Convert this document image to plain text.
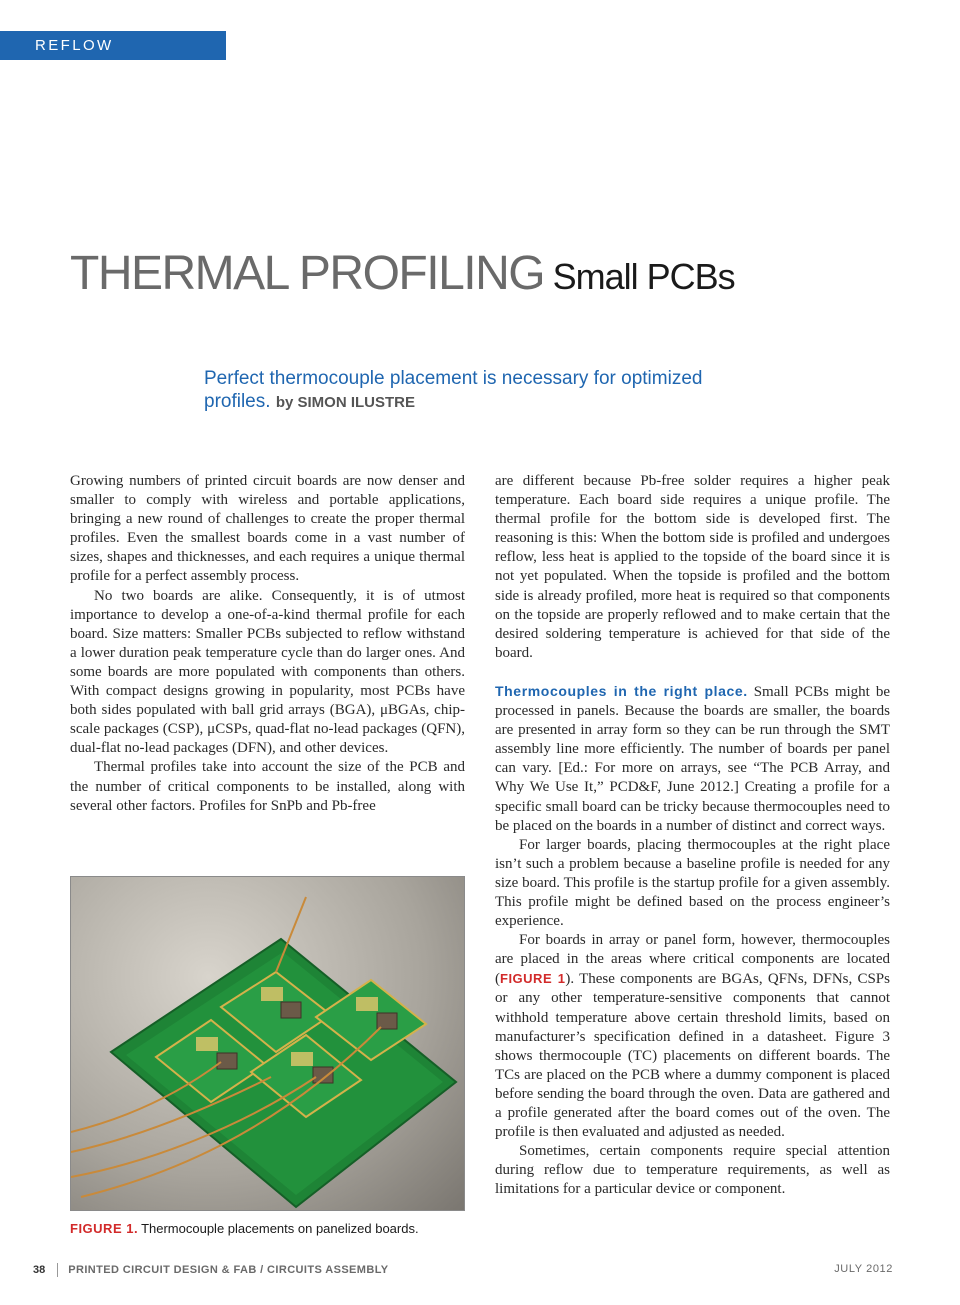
REFLOW SOLDERING
THERMAL PROFILING Small PCBs
Perfect thermocouple placement is necessary for optimized profiles. by SIMON ILUSTRE

Growing numbers of printed circuit boards are now denser and smaller to comply with wireless and portable applications, bringing a new round of challenges to create the proper thermal profiles. Even the smallest boards come in a vast number of sizes, shapes and thicknesses, and each requires a unique thermal profile for a perfect assembly process.

No two boards are alike. Consequently, it is of utmost importance to develop a one-of-a-kind thermal profile for each board. Size matters: Smaller PCBs subjected to reflow withstand a lower duration peak temperature cycle than do larger ones. And some boards are more populated with components than others. With compact designs growing in popularity, most PCBs have both sides populated with ball grid arrays (BGA), μBGAs, chip-scale packages (CSP), μCSPs, quad-flat no-lead packages (QFN), dual-flat no-lead packages (DFN), and other devices.

Thermal profiles take into account the size of the PCB and the number of critical components to be installed, along with several other factors. Profiles for SnPb and Pb-free

FIGURE 1. Thermocouple placements on panelized boards.

are different because Pb-free solder requires a higher peak temperature. Each board side requires a unique profile. The thermal profile for the bottom side is developed first. The reasoning is this: When the bottom side is profiled and undergoes reflow, less heat is applied to the topside of the board since it is not yet populated. When the topside is profiled and the bottom side is already profiled, more heat is required so that components on the topside are properly reflowed and to make certain that the desired soldering temperature is achieved for that side of the board.

Thermocouples in the right place. Small PCBs might be processed in panels. Because the boards are smaller, the boards are presented in array form so they can be run through the SMT assembly line more efficiently. The number of boards per panel can vary. [Ed.: For more on arrays, see “The PCB Array, and Why We Use It,” PCD&F, June 2012.] Creating a profile for a specific small board can be tricky because thermocouples need to be placed on the boards in a number of distinct and correct ways.

For larger boards, placing thermocouples at the right place isn’t such a problem because a baseline profile is needed for any size board. This profile is the startup profile for a given assembly. This profile might be defined based on the process engineer’s experience.

For boards in array or panel form, however, thermocouples are placed in the areas where critical components are located (FIGURE 1). These components are BGAs, QFNs, DFNs, CSPs or any other temperature-sensitive components that cannot withhold temperature above certain threshold limits, based on manufacturer’s specification defined in a datasheet. Figure 3 shows thermocouple (TC) placements on different boards. The TCs are placed on the PCB where a dummy component is placed before sending the board through the oven. Data are gathered and a profile generated after the board comes out of the oven. The profile is then evaluated and adjusted as needed.

Sometimes, certain components require special attention during reflow due to temperature requirements, as well as limitations for a particular device or component.

38 PRINTED CIRCUIT DESIGN & FAB / CIRCUITS ASSEMBLY	JULY 2012
